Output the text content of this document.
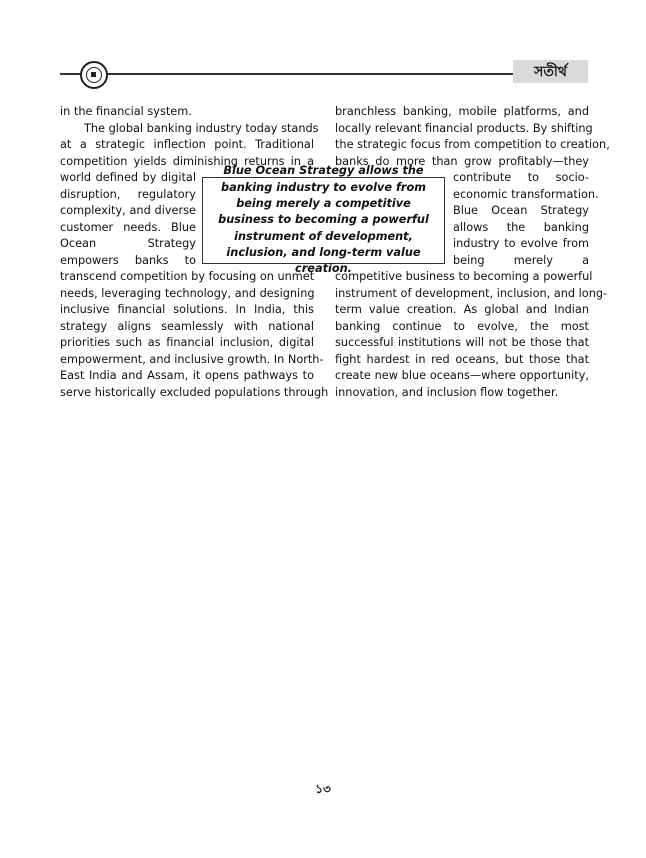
সতীর্থ
in the financial system.
The global banking industry today stands
at a strategic inflection point. Traditional
competition yields diminishing returns in a
world defined by digital
disruption, regulatory
complexity, and diverse
customer needs. Blue
Ocean Strategy
empowers banks to
transcend competition by focusing on unmet
needs, leveraging technology, and designing
inclusive financial solutions. In India, this
strategy aligns seamlessly with national
priorities such as financial inclusion, digital
empowerment, and inclusive growth. In North-
East India and Assam, it opens pathways to
serve historically excluded populations through
branchless banking, mobile platforms, and
locally relevant financial products. By shifting
the strategic focus from competition to creation,
banks do more than grow profitably—they
contribute to socio-
economic transformation.
Blue Ocean Strategy
allows the banking
industry to evolve from
being merely a
competitive business to becoming a powerful
instrument of development, inclusion, and long-
term value creation. As global and Indian
banking continue to evolve, the most
successful institutions will not be those that
fight hardest in red oceans, but those that
create new blue oceans—where opportunity,
innovation, and inclusion flow together.
Blue Ocean Strategy allows the banking industry to evolve from being merely a competitive business to becoming a powerful instrument of development, inclusion, and long-term value creation.
১৩
